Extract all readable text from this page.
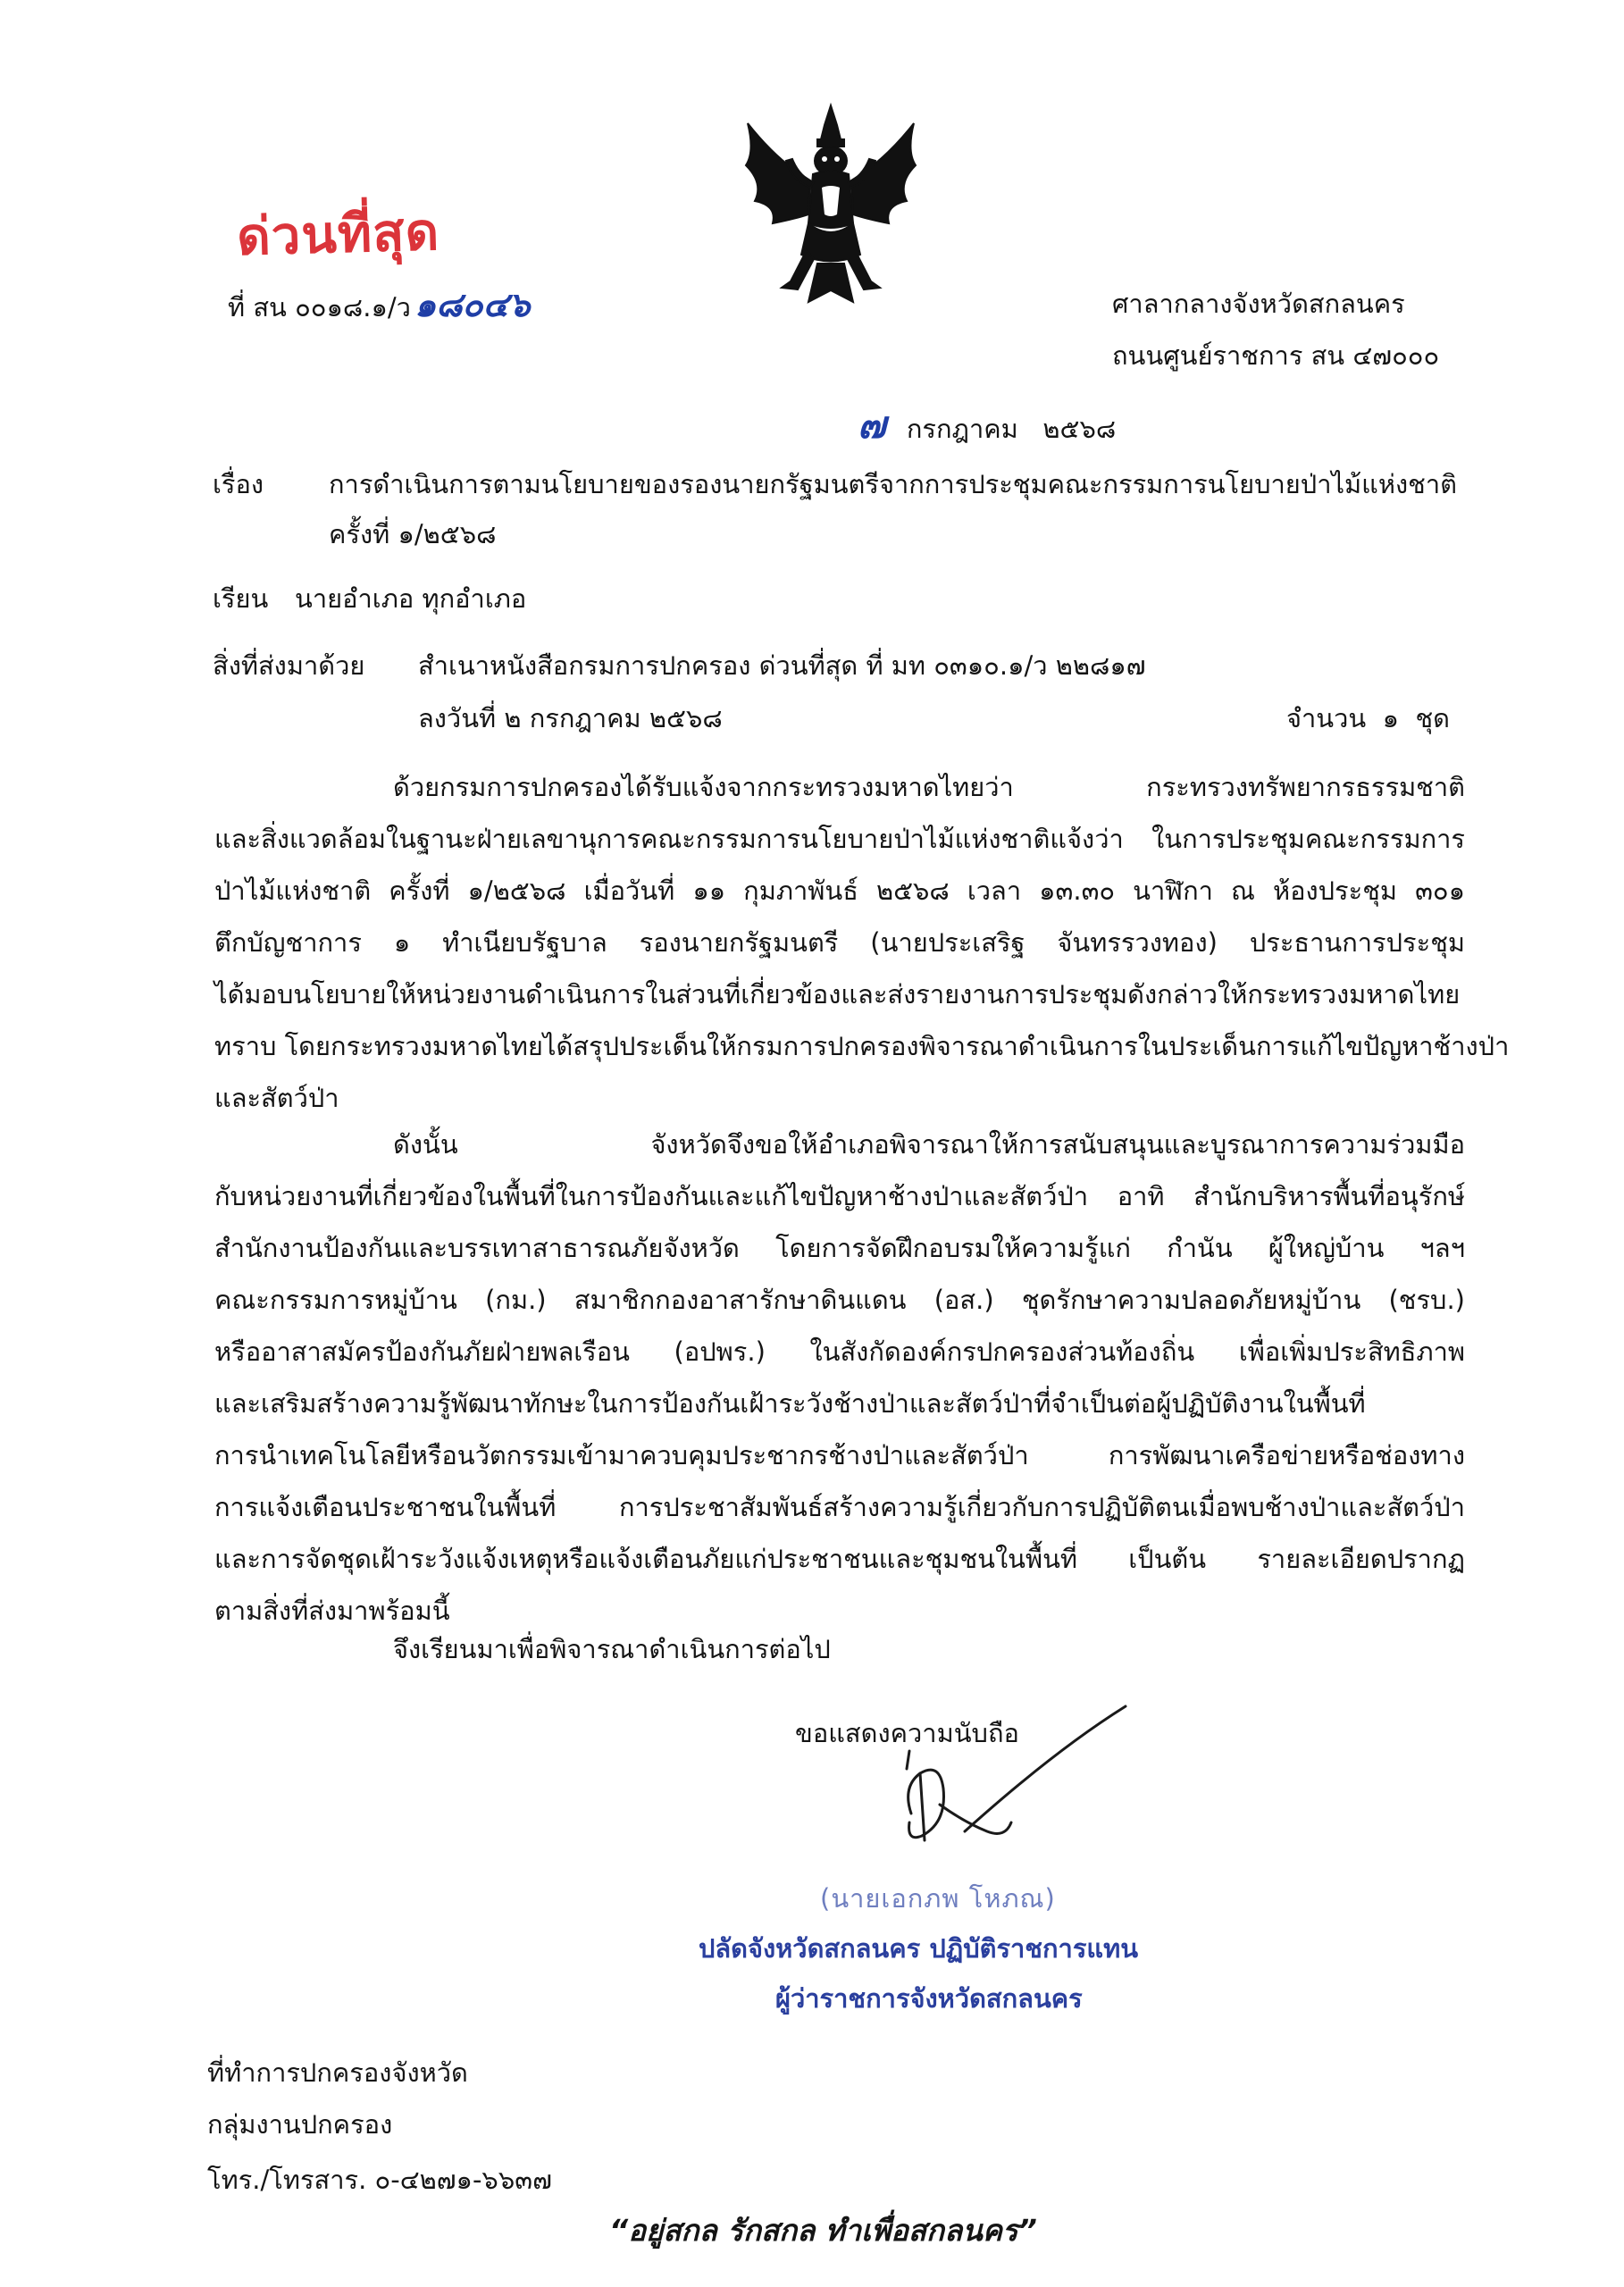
ด่วนที่สุด
ที่ สน ๐๐๑๘.๑/ว ๑๘๐๔๖	ศาลากลางจังหวัดสกลนคร
ถนนศูนย์ราชการ สน ๔๗๐๐๐
๗ กรกฎาคม   ๒๕๖๘
เรื่อง	การดำเนินการตามนโยบายของรองนายกรัฐมนตรีจากการประชุมคณะกรรมการนโยบายป่าไม้แห่งชาติ
ครั้งที่ ๑/๒๕๖๘
เรียน นายอำเภอ ทุกอำเภอ
สิ่งที่ส่งมาด้วย สำเนาหนังสือกรมการปกครอง ด่วนที่สุด ที่ มท ๐๓๑๐.๑/ว ๒๒๘๑๗
ลงวันที่ ๒ กรกฎาคม ๒๕๖๘	จำนวน  ๑  ชุด

ด้วยกรมการปกครองได้รับแจ้งจากกระทรวงมหาดไทยว่า กระทรวงทรัพยากรธรรมชาติ

และสิ่งแวดล้อมในฐานะฝ่ายเลขานุการคณะกรรมการนโยบายป่าไม้แห่งชาติแจ้งว่า ในการประชุมคณะกรรมการ

ป่าไม้แห่งชาติ ครั้งที่ ๑/๒๕๖๘ เมื่อวันที่ ๑๑ กุมภาพันธ์ ๒๕๖๘ เวลา ๑๓.๓๐ นาฬิกา ณ ห้องประชุม ๓๐๑

ตึกบัญชาการ ๑ ทำเนียบรัฐบาล รองนายกรัฐมนตรี (นายประเสริฐ จันทรรวงทอง) ประธานการประชุม

ได้มอบนโยบายให้หน่วยงานดำเนินการในส่วนที่เกี่ยวข้องและส่งรายงานการประชุมดังกล่าวให้กระทรวงมหาดไทย

ทราบ โดยกระทรวงมหาดไทยได้สรุปประเด็นให้กรมการปกครองพิจารณาดำเนินการในประเด็นการแก้ไขปัญหาช้างป่า

และสัตว์ป่า

ดังนั้น จังหวัดจึงขอให้อำเภอพิจารณาให้การสนับสนุนและบูรณาการความร่วมมือ

กับหน่วยงานที่เกี่ยวข้องในพื้นที่ในการป้องกันและแก้ไขปัญหาช้างป่าและสัตว์ป่า อาทิ สำนักบริหารพื้นที่อนุรักษ์

สำนักงานป้องกันและบรรเทาสาธารณภัยจังหวัด โดยการจัดฝึกอบรมให้ความรู้แก่ กำนัน ผู้ใหญ่บ้าน ฯลฯ

คณะกรรมการหมู่บ้าน (กม.) สมาชิกกองอาสารักษาดินแดน (อส.) ชุดรักษาความปลอดภัยหมู่บ้าน (ชรบ.)

หรืออาสาสมัครป้องกันภัยฝ่ายพลเรือน (อปพร.) ในสังกัดองค์กรปกครองส่วนท้องถิ่น เพื่อเพิ่มประสิทธิภาพ

และเสริมสร้างความรู้พัฒนาทักษะในการป้องกันเฝ้าระวังช้างป่าและสัตว์ป่าที่จำเป็นต่อผู้ปฏิบัติงานในพื้นที่

การนำเทคโนโลยีหรือนวัตกรรมเข้ามาควบคุมประชากรช้างป่าและสัตว์ป่า การพัฒนาเครือข่ายหรือช่องทาง

การแจ้งเตือนประชาชนในพื้นที่ การประชาสัมพันธ์สร้างความรู้เกี่ยวกับการปฏิบัติตนเมื่อพบช้างป่าและสัตว์ป่า

และการจัดชุดเฝ้าระวังแจ้งเหตุหรือแจ้งเตือนภัยแก่ประชาชนและชุมชนในพื้นที่ เป็นต้น รายละเอียดปรากฏ

ตามสิ่งที่ส่งมาพร้อมนี้

จึงเรียนมาเพื่อพิจารณาดำเนินการต่อไป
ขอแสดงความนับถือ
(นายเอกภพ โหภณ)
ปลัดจังหวัดสกลนคร ปฏิบัติราชการแทน
ผู้ว่าราชการจังหวัดสกลนคร
ที่ทำการปกครองจังหวัด
กลุ่มงานปกครอง
โทร./โทรสาร. ๐-๔๒๗๑-๖๖๓๗
“อยู่สกล รักสกล ทำเพื่อสกลนคร”
